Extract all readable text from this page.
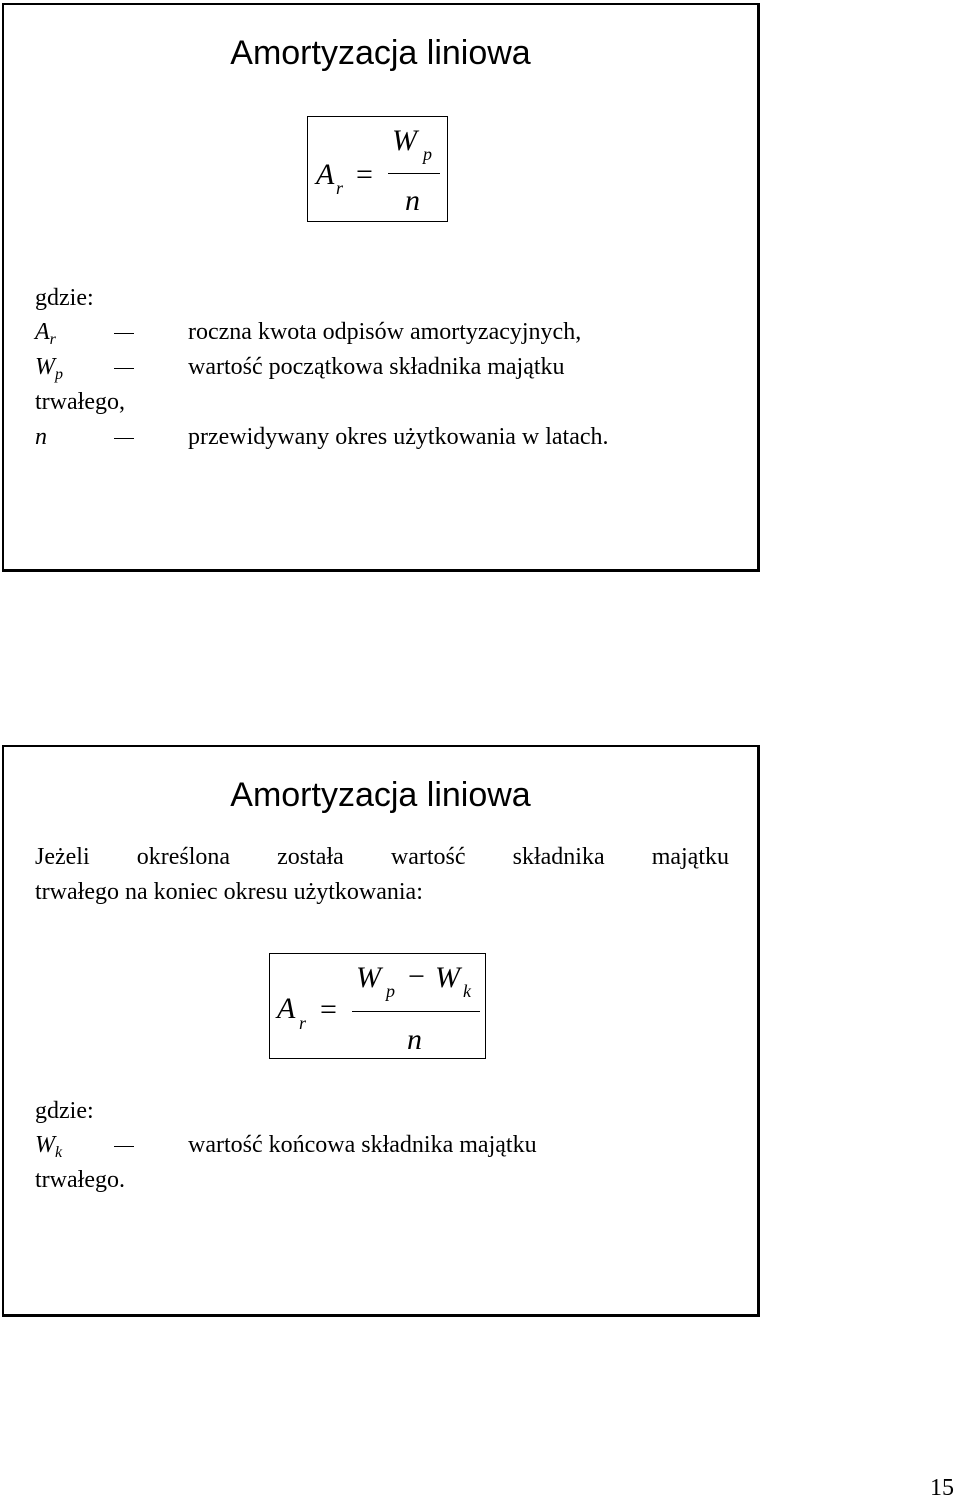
Amortyzacja liniowa
A r =
W p
n
gdzie:
$A_r$	roczna kwota odpisów amortyzacyjnych,
$W_p$	wartość początkowa składnika majątku
trwałego,
n	przewidywany okres użytkowania w latach.
Amortyzacja liniowa
Jeżeli określona została wartość składnika majątku
trwałego na koniec okresu użytkowania:
A r =
W p − W k
n
gdzie:
$W_k$	wartość końcowa składnika majątku
trwałego.
15
